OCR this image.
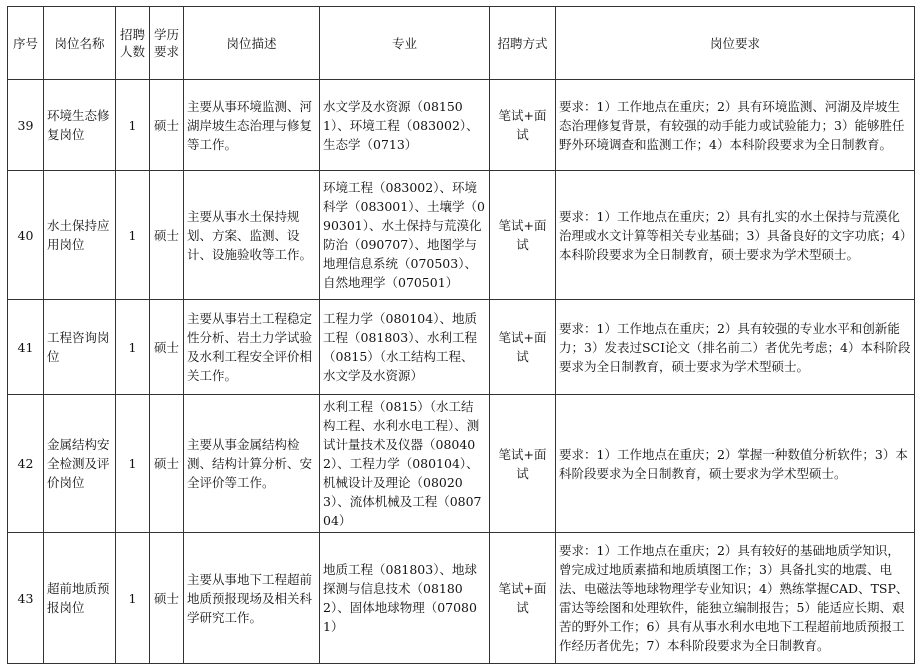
序号	岗位名称	招聘人数	学历要求	岗位描述	专业	招聘方式	岗位要求
39	环境生态修复岗位	1	硕士	主要从事环境监测、河湖岸坡生态治理与修复等工作。	水文学及水资源（081501）、环境工程（083002）、生态学（0713）	笔试+面试	要求：1）工作地点在重庆；2）具有环境监测、河湖及岸坡生态治理修复背景，有较强的动手能力或试验能力；3）能够胜任野外环境调查和监测工作；4）本科阶段要求为全日制教育。
40	水土保持应用岗位	1	硕士	主要从事水土保持规划、方案、监测、设计、设施验收等工作。	环境工程（083002）、环境科学（083001）、土壤学（090301）、水土保持与荒漠化防治（090707）、地图学与地理信息系统（070503）、自然地理学（070501）	笔试+面试	要求：1）工作地点在重庆；2）具有扎实的水土保持与荒漠化治理或水文计算等相关专业基础；3）具备良好的文字功底；4）本科阶段要求为全日制教育，硕士要求为学术型硕士。
41	工程咨询岗位	1	硕士	主要从事岩土工程稳定性分析、岩土力学试验及水利工程安全评价相关工作。	工程力学（080104）、地质工程（081803）、水利工程（0815）（水工结构工程、水文学及水资源）	笔试+面试	要求：1）工作地点在重庆；2）具有较强的专业水平和创新能力；3）发表过SCI论文（排名前二）者优先考虑；4）本科阶段要求为全日制教育，硕士要求为学术型硕士。
42	金属结构安全检测及评价岗位	1	硕士	主要从事金属结构检测、结构计算分析、安全评价等工作。	水利工程（0815）（水工结构工程、水利水电工程）、测试计量技术及仪器（080402）、工程力学（080104）、机械设计及理论（080203）、流体机械及工程（080704）	笔试+面试	要求：1）工作地点在重庆；2）掌握一种数值分析软件；3）本科阶段要求为全日制教育，硕士要求为学术型硕士。
43	超前地质预报岗位	1	硕士	主要从事地下工程超前地质预报现场及相关科学研究工作。	地质工程（081803）、地球探测与信息技术（081802）、固体地球物理（070801）	笔试+面试	要求：1）工作地点在重庆；2）具有较好的基础地质学知识，曾完成过地质素描和地质填图工作；3）具备扎实的地震、电法、电磁法等地球物理学专业知识；4）熟练掌握CAD、TSP、雷达等绘图和处理软件，能独立编制报告；5）能适应长期、艰苦的野外工作；6）具有从事水利水电地下工程超前地质预报工作经历者优先；7）本科阶段要求为全日制教育。
